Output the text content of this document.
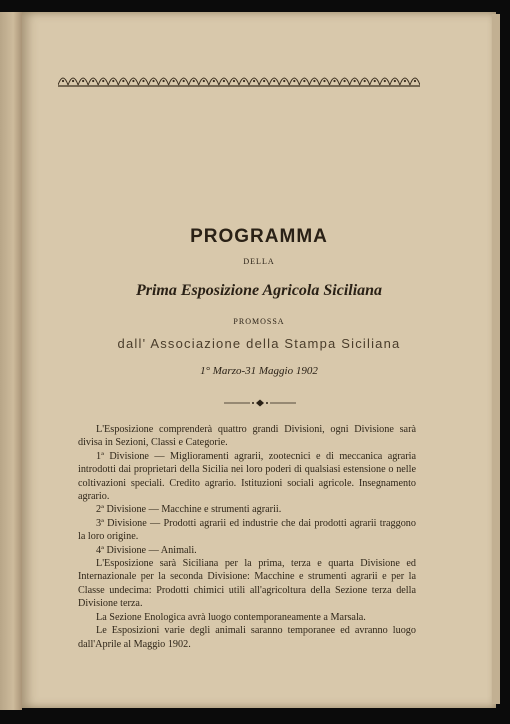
PROGRAMMA
DELLA
Prima Esposizione Agricola Siciliana
PROMOSSA
dall' Associazione della Stampa Siciliana
1° Marzo-31 Maggio 1902

L'Esposizione comprenderà quattro grandi Divisioni, ogni Divisione sarà divisa in Sezioni, Classi e Categorie.

1ª Divisione — Miglioramenti agrarii, zootecnici e di meccanica agraria introdotti dai proprietari della Sicilia nei loro poderi di qualsiasi estensione o nelle coltivazioni speciali. Credito agrario. Istituzioni sociali agricole. Insegnamento agrario.

2ª Divisione — Macchine e strumenti agrarii.

3ª Divisione — Prodotti agrarii ed industrie che dai prodotti agrarii traggono la loro origine.

4ª Divisione — Animali.

L'Esposizione sarà Siciliana per la prima, terza e quarta Divisione ed Internazionale per la seconda Divisione: Macchine e strumenti agrarii e per la Classe undecima: Prodotti chimici utili all'agricoltura della Sezione terza della Divisione terza.

La Sezione Enologica avrà luogo contemporaneamente a Marsala.

Le Esposizioni varie degli animali saranno temporanee ed avranno luogo dall'Aprile al Maggio 1902.
